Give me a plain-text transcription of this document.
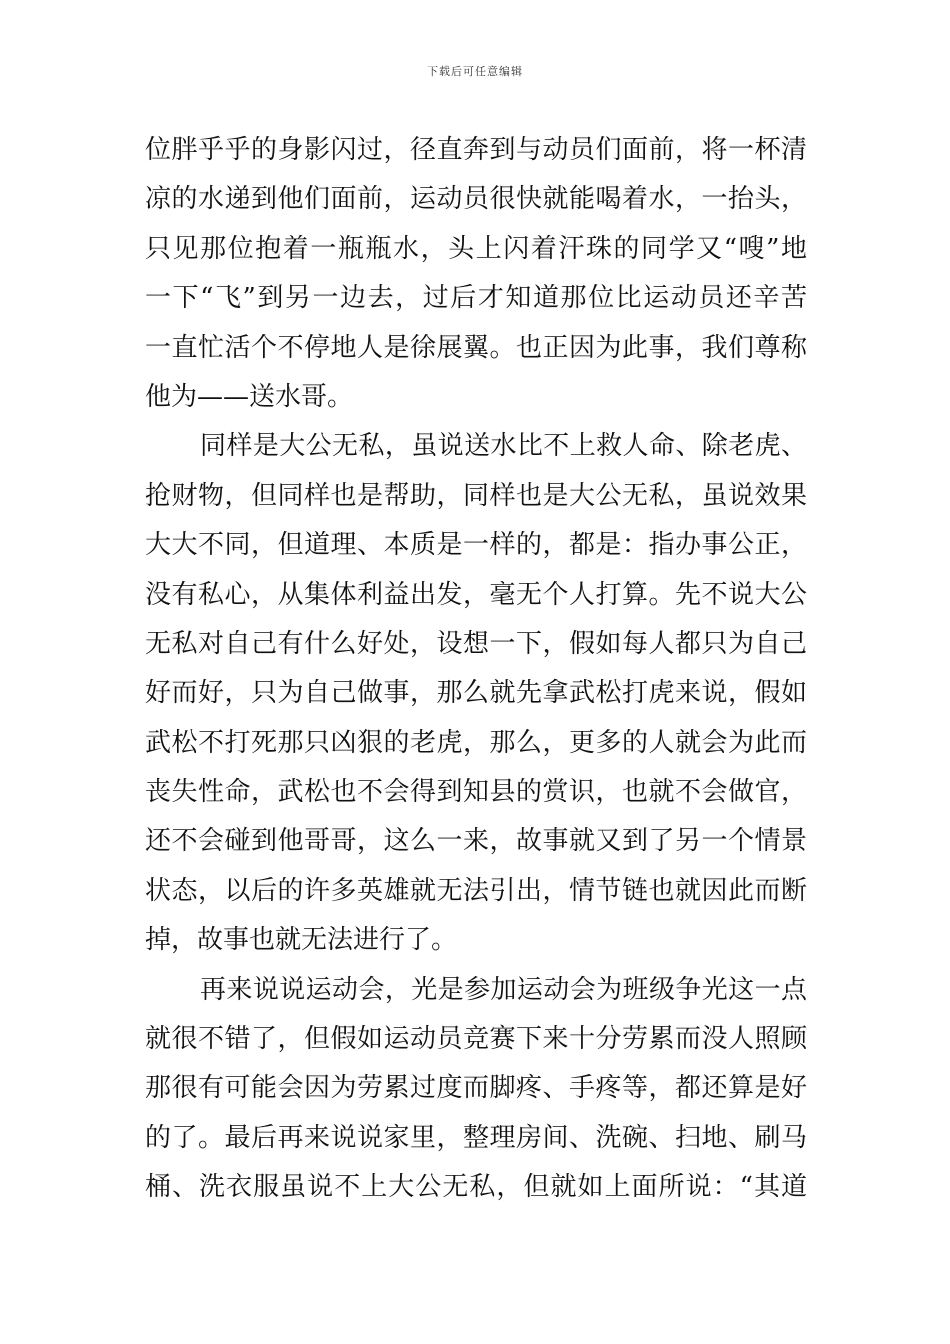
下载后可任意编辑
位胖乎乎的身影闪过，径直奔到与动员们面前，将一杯清
凉的水递到他们面前，运动员很快就能喝着水，一抬头，
只见那位抱着一瓶瓶水，头上闪着汗珠的同学又“嗖”地
一下“飞”到另一边去，过后才知道那位比运动员还辛苦
一直忙活个不停地人是徐展翼。也正因为此事，我们尊称
他为——送水哥。
同样是大公无私，虽说送水比不上救人命、除老虎、
抢财物，但同样也是帮助，同样也是大公无私，虽说效果
大大不同，但道理、本质是一样的，都是：指办事公正，
没有私心，从集体利益出发，毫无个人打算。先不说大公
无私对自己有什么好处，设想一下，假如每人都只为自己
好而好，只为自己做事，那么就先拿武松打虎来说，假如
武松不打死那只凶狠的老虎，那么，更多的人就会为此而
丧失性命，武松也不会得到知县的赏识，也就不会做官，
还不会碰到他哥哥，这么一来，故事就又到了另一个情景
状态，以后的许多英雄就无法引出，情节链也就因此而断
掉，故事也就无法进行了。
再来说说运动会，光是参加运动会为班级争光这一点
就很不错了，但假如运动员竞赛下来十分劳累而没人照顾
那很有可能会因为劳累过度而脚疼、手疼等，都还算是好
的了。最后再来说说家里，整理房间、洗碗、扫地、刷马
桶、洗衣服虽说不上大公无私，但就如上面所说：“其道
